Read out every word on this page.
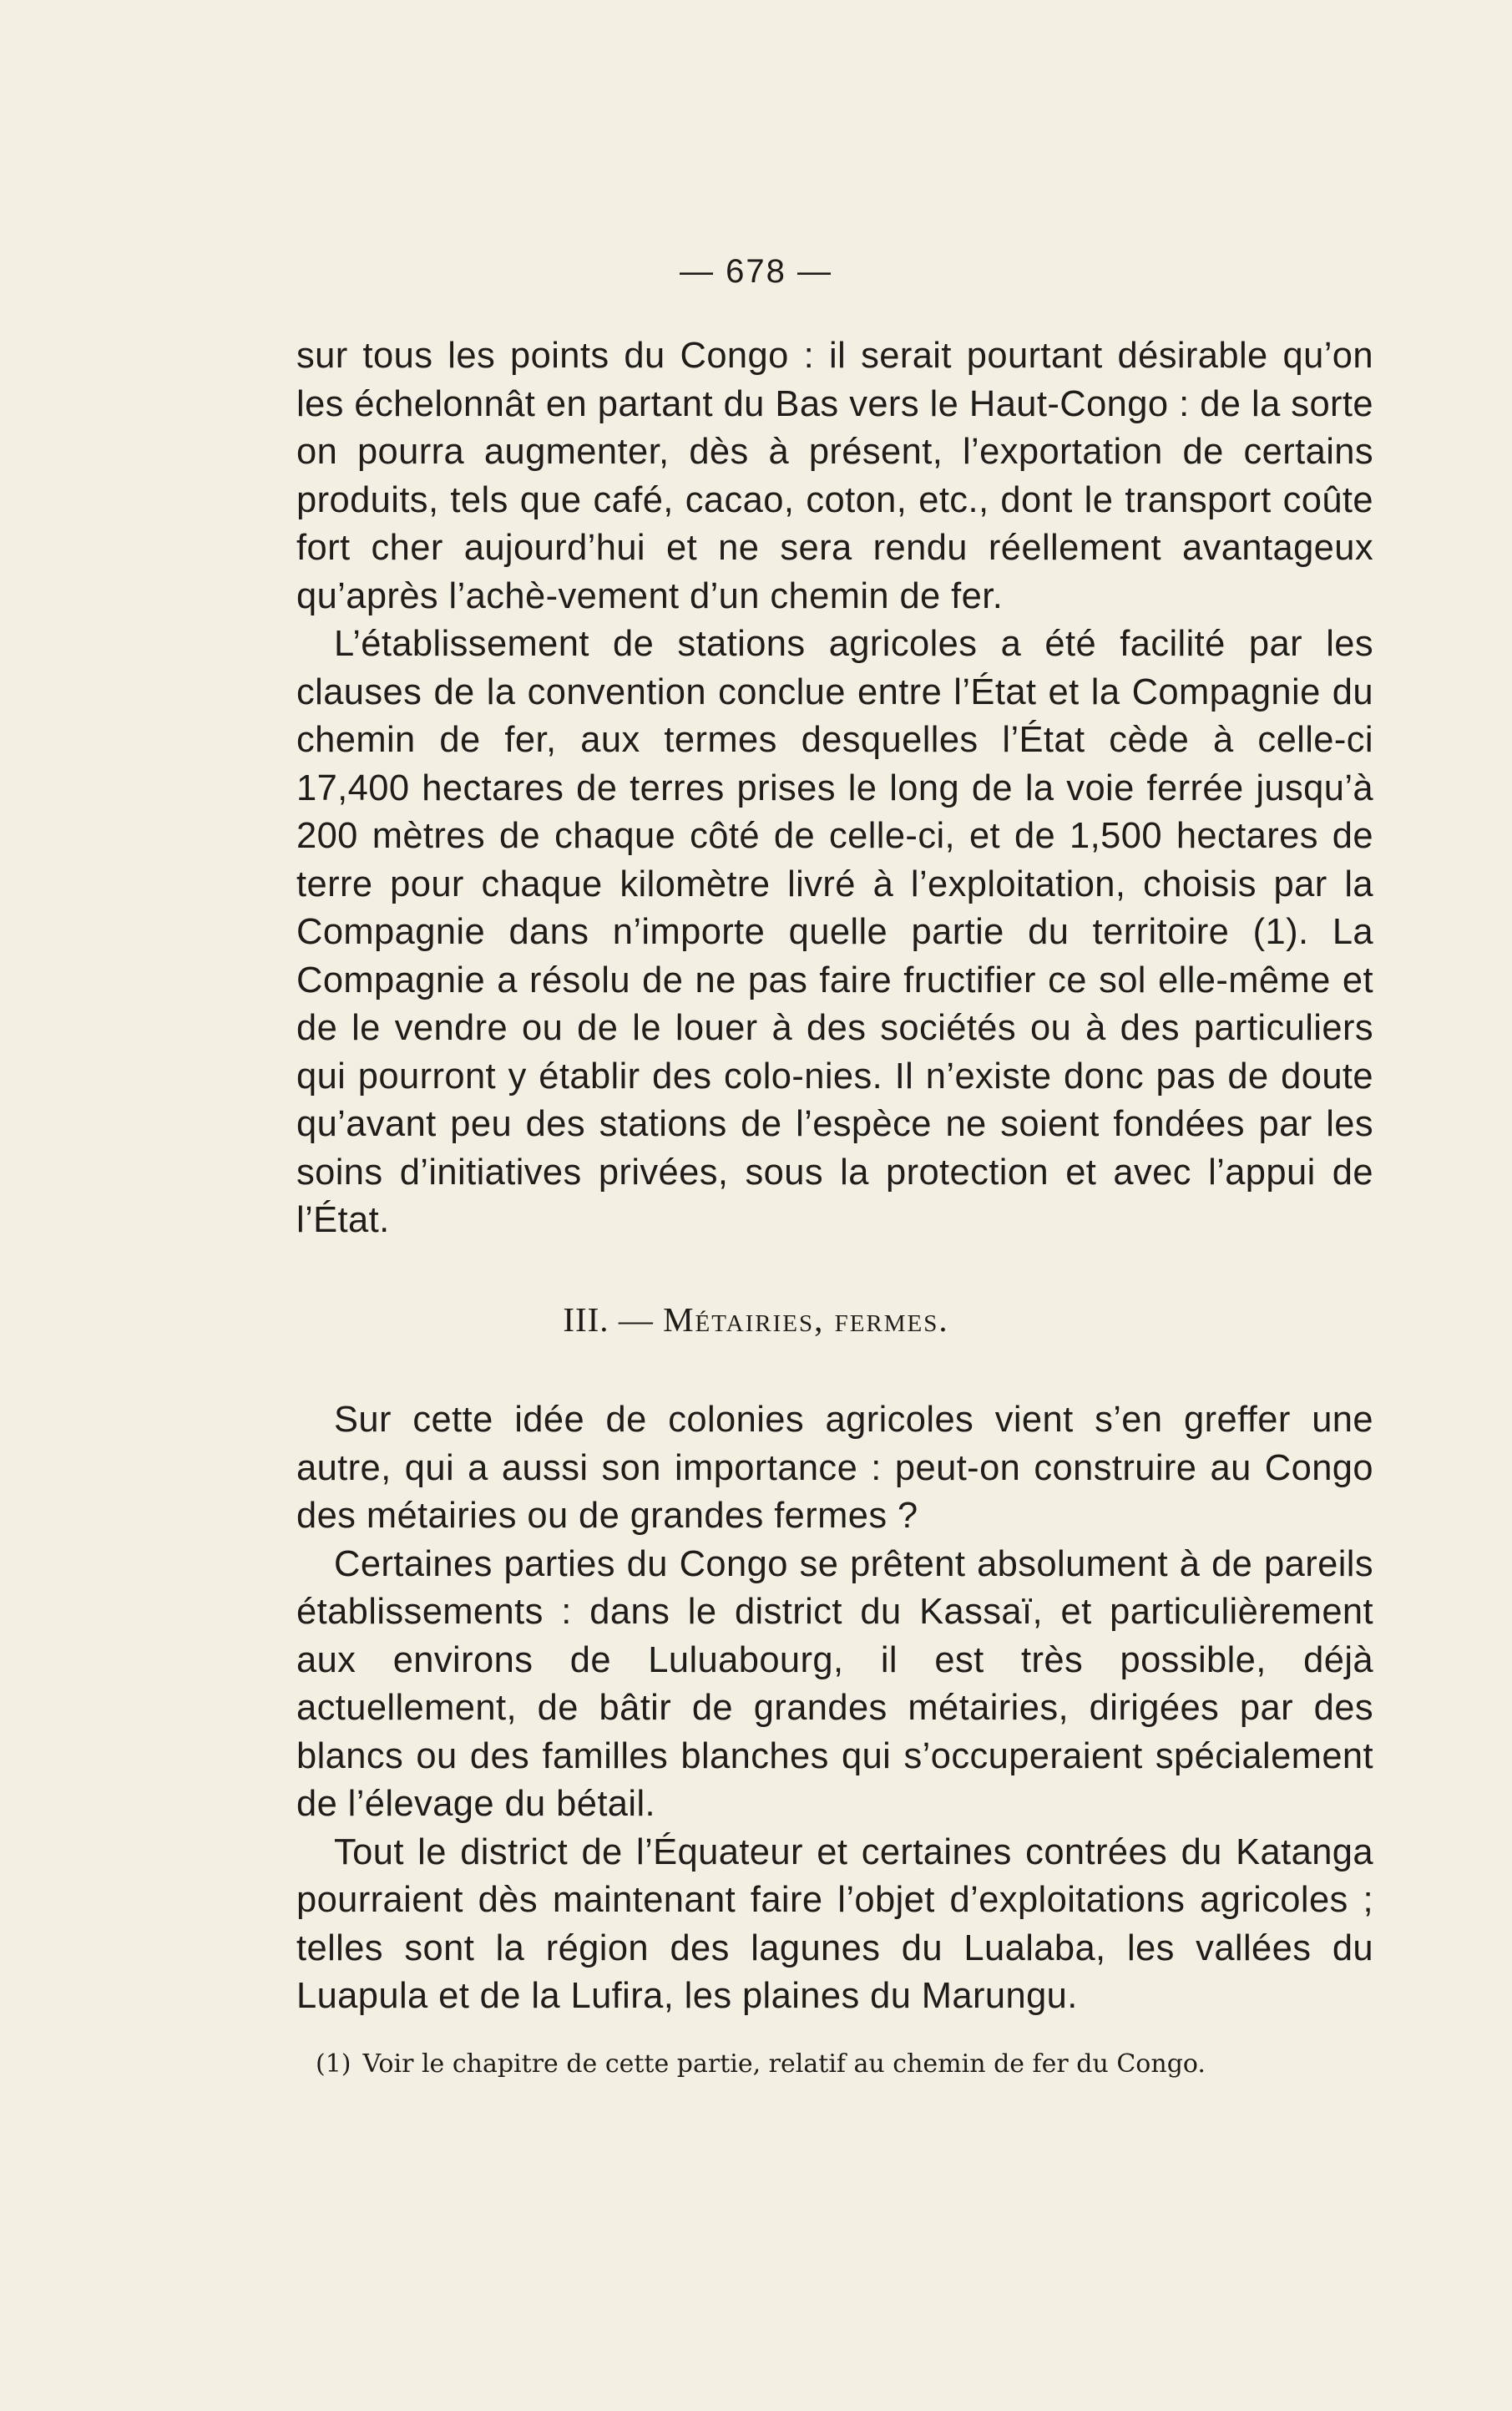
— 678 —

sur tous les points du Congo : il serait pourtant désirable qu’on les échelonnât en partant du Bas vers le Haut-Congo : de la sorte on pourra augmenter, dès à présent, l’exportation de certains produits, tels que café, cacao, coton, etc., dont le transport coûte fort cher aujourd’hui et ne sera rendu réellement avantageux qu’après l’achè-vement d’un chemin de fer.

L’établissement de stations agricoles a été facilité par les clauses de la convention conclue entre l’État et la Compagnie du chemin de fer, aux termes desquelles l’État cède à celle-ci 17,400 hectares de terres prises le long de la voie ferrée jusqu’à 200 mètres de chaque côté de celle-ci, et de 1,500 hectares de terre pour chaque kilomètre livré à l’exploitation, choisis par la Compagnie dans n’importe quelle partie du territoire (1). La Compagnie a résolu de ne pas faire fructifier ce sol elle-même et de le vendre ou de le louer à des sociétés ou à des particuliers qui pourront y établir des colo-nies. Il n’existe donc pas de doute qu’avant peu des stations de l’espèce ne soient fondées par les soins d’initiatives privées, sous la protection et avec l’appui de l’État.

III. — Métairies, fermes.

Sur cette idée de colonies agricoles vient s’en greffer une autre, qui a aussi son importance : peut-on construire au Congo des métairies ou de grandes fermes ?

Certaines parties du Congo se prêtent absolument à de pareils établissements : dans le district du Kassaï, et particulièrement aux environs de Luluabourg, il est très possible, déjà actuellement, de bâtir de grandes métairies, dirigées par des blancs ou des familles blanches qui s’occuperaient spécialement de l’élevage du bétail.

Tout le district de l’Équateur et certaines contrées du Katanga pourraient dès maintenant faire l’objet d’exploitations agricoles ; telles sont la région des lagunes du Lualaba, les vallées du Luapula et de la Lufira, les plaines du Marungu.

(1) Voir le chapitre de cette partie, relatif au chemin de fer du Congo.
